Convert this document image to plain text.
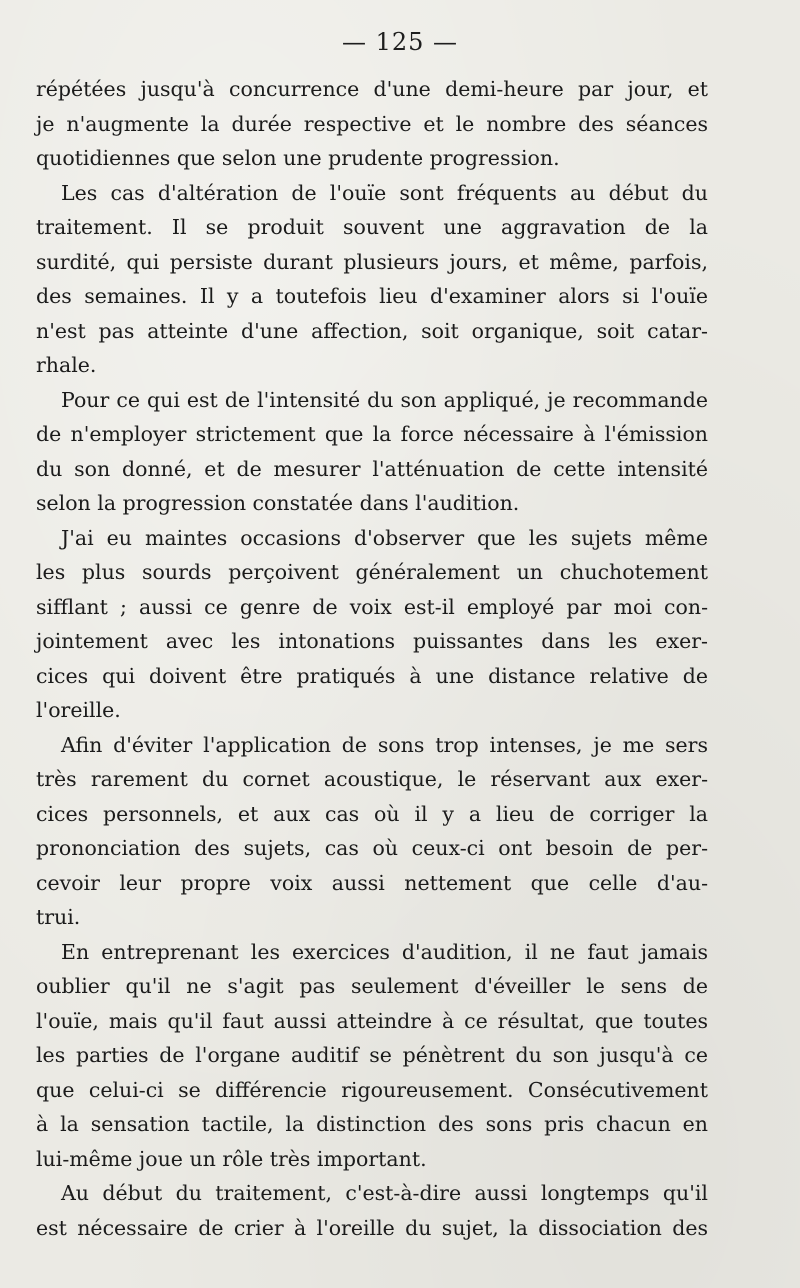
— 125 —
répétées jusqu'à concurrence d'une demi-heure par jour, et
je n'augmente la durée respective et le nombre des séances
quotidiennes que selon une prudente progression.
Les cas d'altération de l'ouïe sont fréquents au début du
traitement. Il se produit souvent une aggravation de la
surdité, qui persiste durant plusieurs jours, et même, parfois,
des semaines. Il y a toutefois lieu d'examiner alors si l'ouïe
n'est pas atteinte d'une affection, soit organique, soit catar-
rhale.
Pour ce qui est de l'intensité du son appliqué, je recommande
de n'employer strictement que la force nécessaire à l'émission
du son donné, et de mesurer l'atténuation de cette intensité
selon la progression constatée dans l'audition.
J'ai eu maintes occasions d'observer que les sujets même
les plus sourds perçoivent généralement un chuchotement
sifflant ; aussi ce genre de voix est-il employé par moi con-
jointement avec les intonations puissantes dans les exer-
cices qui doivent être pratiqués à une distance relative de
l'oreille.
Afin d'éviter l'application de sons trop intenses, je me sers
très rarement du cornet acoustique, le réservant aux exer-
cices personnels, et aux cas où il y a lieu de corriger la
prononciation des sujets, cas où ceux-ci ont besoin de per-
cevoir leur propre voix aussi nettement que celle d'au-
trui.
En entreprenant les exercices d'audition, il ne faut jamais
oublier qu'il ne s'agit pas seulement d'éveiller le sens de
l'ouïe, mais qu'il faut aussi atteindre à ce résultat, que toutes
les parties de l'organe auditif se pénètrent du son jusqu'à ce
que celui-ci se différencie rigoureusement. Consécutivement
à la sensation tactile, la distinction des sons pris chacun en
lui-même joue un rôle très important.
Au début du traitement, c'est-à-dire aussi longtemps qu'il
est nécessaire de crier à l'oreille du sujet, la dissociation des
